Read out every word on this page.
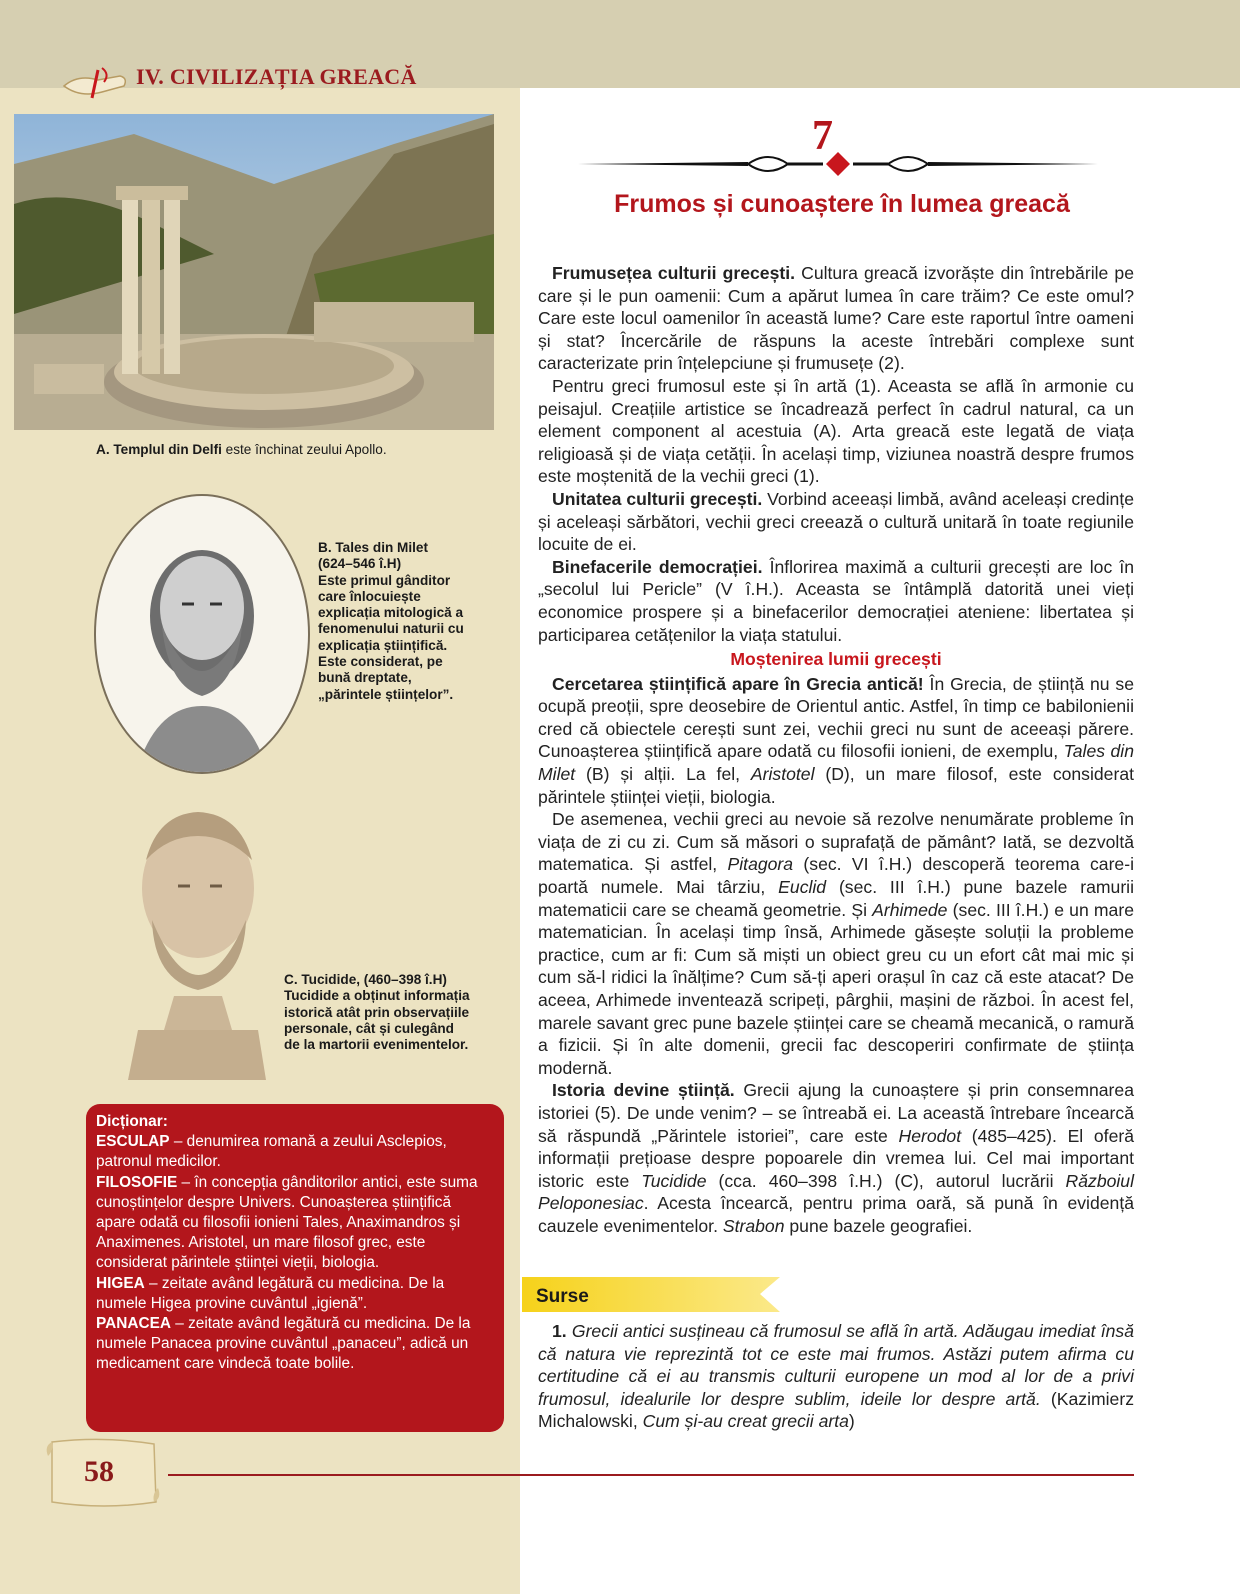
IV. CIVILIZAȚIA GREACĂ
A. Templul din Delfi este închinat zeului Apollo.
B. Tales din Milet
(624–546 î.H)
Este primul gânditor
care înlocuiește
explicația mitologică a
fenomenului naturii cu
explicația științifică.
Este considerat, pe
bună dreptate,
„părintele științelor”.
C. Tucidide, (460–398 î.H)
Tucidide a obținut informația
istorică atât prin observațiile
personale, cât și culegând
de la martorii evenimentelor.
Dicționar:
ESCULAP – denumirea romană a zeului Asclepios, patronul medicilor.
FILOSOFIE – în concepția gânditorilor antici, este suma cunoștințelor despre Univers. Cunoașterea științifică apare odată cu filosofii ionieni Tales, Anaximandros și Anaximenes. Aristotel, un mare filosof grec, este considerat părintele științei vieții, biologia.
HIGEA – zeitate având legătură cu medicina. De la numele Higea provine cuvântul „igienă”.
PANACEA – zeitate având legătură cu medicina. De la numele Panacea provine cuvântul „panaceu”, adică un medicament care vindecă toate bolile.
7
Frumos și cunoaștere în lumea greacă

Frumusețea culturii grecești. Cultura greacă izvorăște din întrebările pe care și le pun oamenii: Cum a apărut lumea în care trăim? Ce este omul? Care este locul oamenilor în această lume? Care este raportul între oameni și stat? Încercările de răspuns la aceste întrebări complexe sunt caracterizate prin înțelepciune și frumusețe (2).

Pentru greci frumosul este și în artă (1). Aceasta se află în armonie cu peisajul. Creațiile artistice se încadrează perfect în cadrul natural, ca un element component al acestuia (A). Arta greacă este legată de viața religioasă și de viața cetății. În același timp, viziunea noastră despre frumos este moștenită de la vechii greci (1).

Unitatea culturii grecești. Vorbind aceeași limbă, având aceleași credințe și aceleași sărbători, vechii greci creează o cultură unitară în toate regiunile locuite de ei.

Binefacerile democrației. Înflorirea maximă a culturii grecești are loc în „secolul lui Pericle” (V î.H.). Aceasta se întâmplă datorită unei vieți economice prospere și a binefacerilor democrației ateniene: libertatea și participarea cetățenilor la viața statului.

Moștenirea lumii grecești

Cercetarea științifică apare în Grecia antică! În Grecia, de știință nu se ocupă preoții, spre deosebire de Orientul antic. Astfel, în timp ce babilonienii cred că obiectele cerești sunt zei, vechii greci nu sunt de aceeași părere. Cunoașterea științifică apare odată cu filosofii ionieni, de exemplu, Tales din Milet (B) și alții. La fel, Aristotel (D), un mare filosof, este considerat părintele științei vieții, biologia.

De asemenea, vechii greci au nevoie să rezolve nenumărate probleme în viața de zi cu zi. Cum să măsori o suprafață de pământ? Iată, se dezvoltă matematica. Și astfel, Pitagora (sec. VI î.H.) descoperă teorema care-i poartă numele. Mai târziu, Euclid (sec. III î.H.) pune bazele ramurii matematicii care se cheamă geometrie. Și Arhimede (sec. III î.H.) e un mare matematician. În același timp însă, Arhimede găsește soluții la probleme practice, cum ar fi: Cum să miști un obiect greu cu un efort cât mai mic și cum să-l ridici la înălțime? Cum să-ți aperi orașul în caz că este atacat? De aceea, Arhimede inventează scripeți, pârghii, mașini de război. În acest fel, marele savant grec pune bazele științei care se cheamă mecanică, o ramură a fizicii. Și în alte domenii, grecii fac descoperiri confirmate de știința modernă.

Istoria devine știință. Grecii ajung la cunoaștere și prin consemnarea istoriei (5). De unde venim? – se întreabă ei. La această întrebare încearcă să răspundă „Părintele istoriei”, care este Herodot (485–425). El oferă informații prețioase despre popoarele din vremea lui. Cel mai important istoric este Tucidide (cca. 460–398 î.H.) (C), autorul lucrării Războiul Peloponesiac. Acesta încearcă, pentru prima oară, să pună în evidență cauzele evenimentelor. Strabon pune bazele geografiei.

Surse
1. Grecii antici susțineau că frumosul se află în artă. Adăugau imediat însă că natura vie reprezintă tot ce este mai frumos. Astăzi putem afirma cu certitudine că ei au transmis culturii europene un mod al lor de a privi frumosul, idealurile lor despre sublim, ideile lor despre artă. (Kazimierz Michalowski, Cum și-au creat grecii arta)
58
